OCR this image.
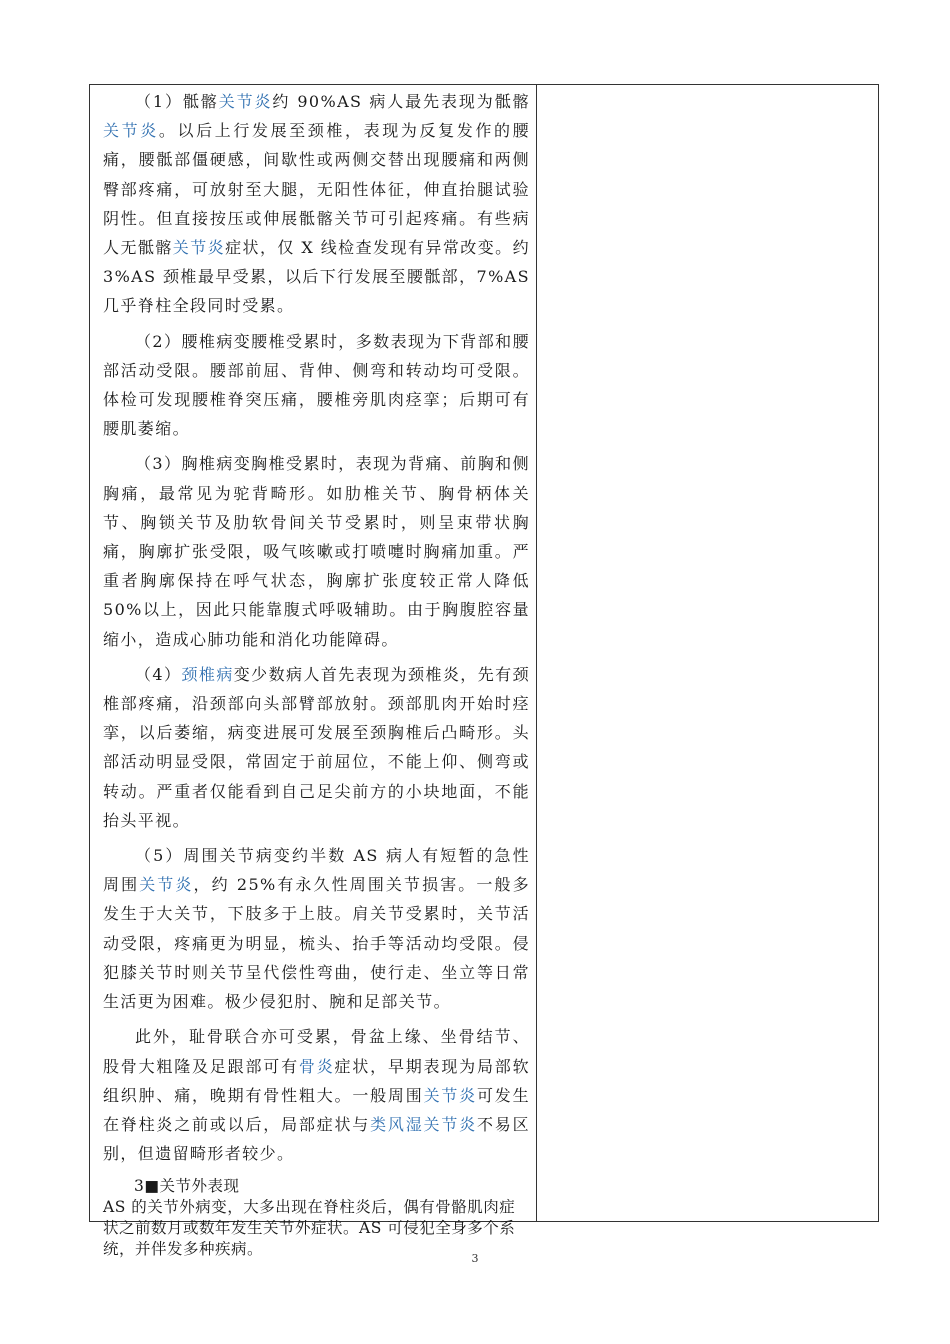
（1）骶髂关节炎约 90%AS 病人最先表现为骶髂关节炎。以后上行发展至颈椎，表现为反复发作的腰痛，腰骶部僵硬感，间歇性或两侧交替出现腰痛和两侧臀部疼痛，可放射至大腿，无阳性体征，伸直抬腿试验阴性。但直接按压或伸展骶髂关节可引起疼痛。有些病人无骶髂关节炎症状，仅 X 线检查发现有异常改变。约 3%AS 颈椎最早受累，以后下行发展至腰骶部，7%AS 几乎脊柱全段同时受累。

（2）腰椎病变腰椎受累时，多数表现为下背部和腰部活动受限。腰部前屈、背伸、侧弯和转动均可受限。体检可发现腰椎脊突压痛，腰椎旁肌肉痉挛；后期可有腰肌萎缩。

（3）胸椎病变胸椎受累时，表现为背痛、前胸和侧胸痛，最常见为驼背畸形。如肋椎关节、胸骨柄体关节、胸锁关节及肋软骨间关节受累时，则呈束带状胸痛，胸廓扩张受限，吸气咳嗽或打喷嚏时胸痛加重。严重者胸廓保持在呼气状态，胸廓扩张度较正常人降低 50%以上，因此只能靠腹式呼吸辅助。由于胸腹腔容量缩小，造成心肺功能和消化功能障碍。

（4）颈椎病变少数病人首先表现为颈椎炎，先有颈椎部疼痛，沿颈部向头部臂部放射。颈部肌肉开始时痉挛，以后萎缩，病变进展可发展至颈胸椎后凸畸形。头部活动明显受限，常固定于前屈位，不能上仰、侧弯或转动。严重者仅能看到自己足尖前方的小块地面，不能抬头平视。

（5）周围关节病变约半数 AS 病人有短暂的急性周围关节炎，约 25%有永久性周围关节损害。一般多发生于大关节，下肢多于上肢。肩关节受累时，关节活动受限，疼痛更为明显，梳头、抬手等活动均受限。侵犯膝关节时则关节呈代偿性弯曲，使行走、坐立等日常生活更为困难。极少侵犯肘、腕和足部关节。

此外，耻骨联合亦可受累，骨盆上缘、坐骨结节、股骨大粗隆及足跟部可有骨炎症状，早期表现为局部软组织肿、痛，晚期有骨性粗大。一般周围关节炎可发生在脊柱炎之前或以后，局部症状与类风湿关节炎不易区别，但遗留畸形者较少。

3■关节外表现

AS 的关节外病变，大多出现在脊柱炎后，偶有骨骼肌肉症状之前数月或数年发生关节外症状。AS 可侵犯全身多个系统，并伴发多种疾病。

3
